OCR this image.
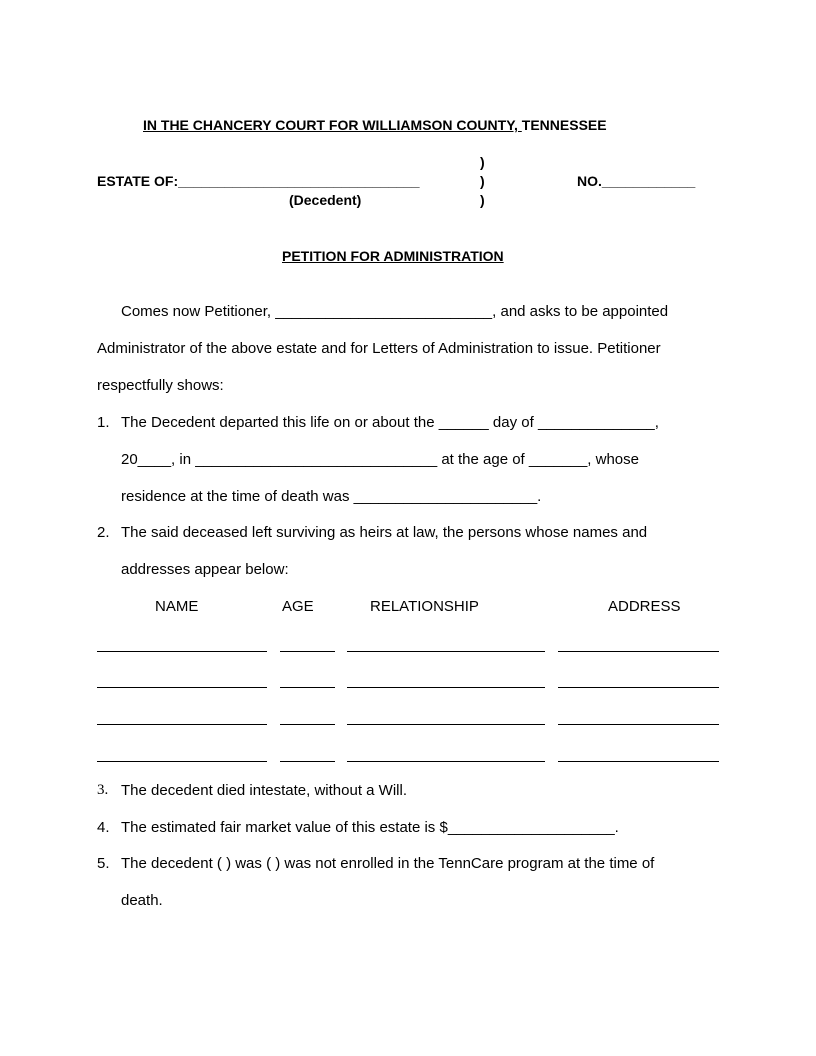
IN THE CHANCERY COURT FOR WILLIAMSON COUNTY, TENNESSEE
)
ESTATE OF:_______________________________	)	NO.____________
(Decedent)	)
PETITION FOR ADMINISTRATION
Comes now Petitioner, __________________________, and asks to be appointed
Administrator of the above estate and for Letters of Administration to issue. Petitioner
respectfully shows:
1. The Decedent departed this life on or about the ______ day of ______________,
20____, in _____________________________ at the age of _______, whose
residence at the time of death was ______________________.
2. The said deceased left surviving as heirs at law, the persons whose names and
addresses appear below:
NAME	AGE	RELATIONSHIP	ADDRESS
3. The decedent died intestate, without a Will.
4. The estimated fair market value of this estate is $____________________.
5. The decedent ( ) was ( ) was not enrolled in the TennCare program at the time of
death.
